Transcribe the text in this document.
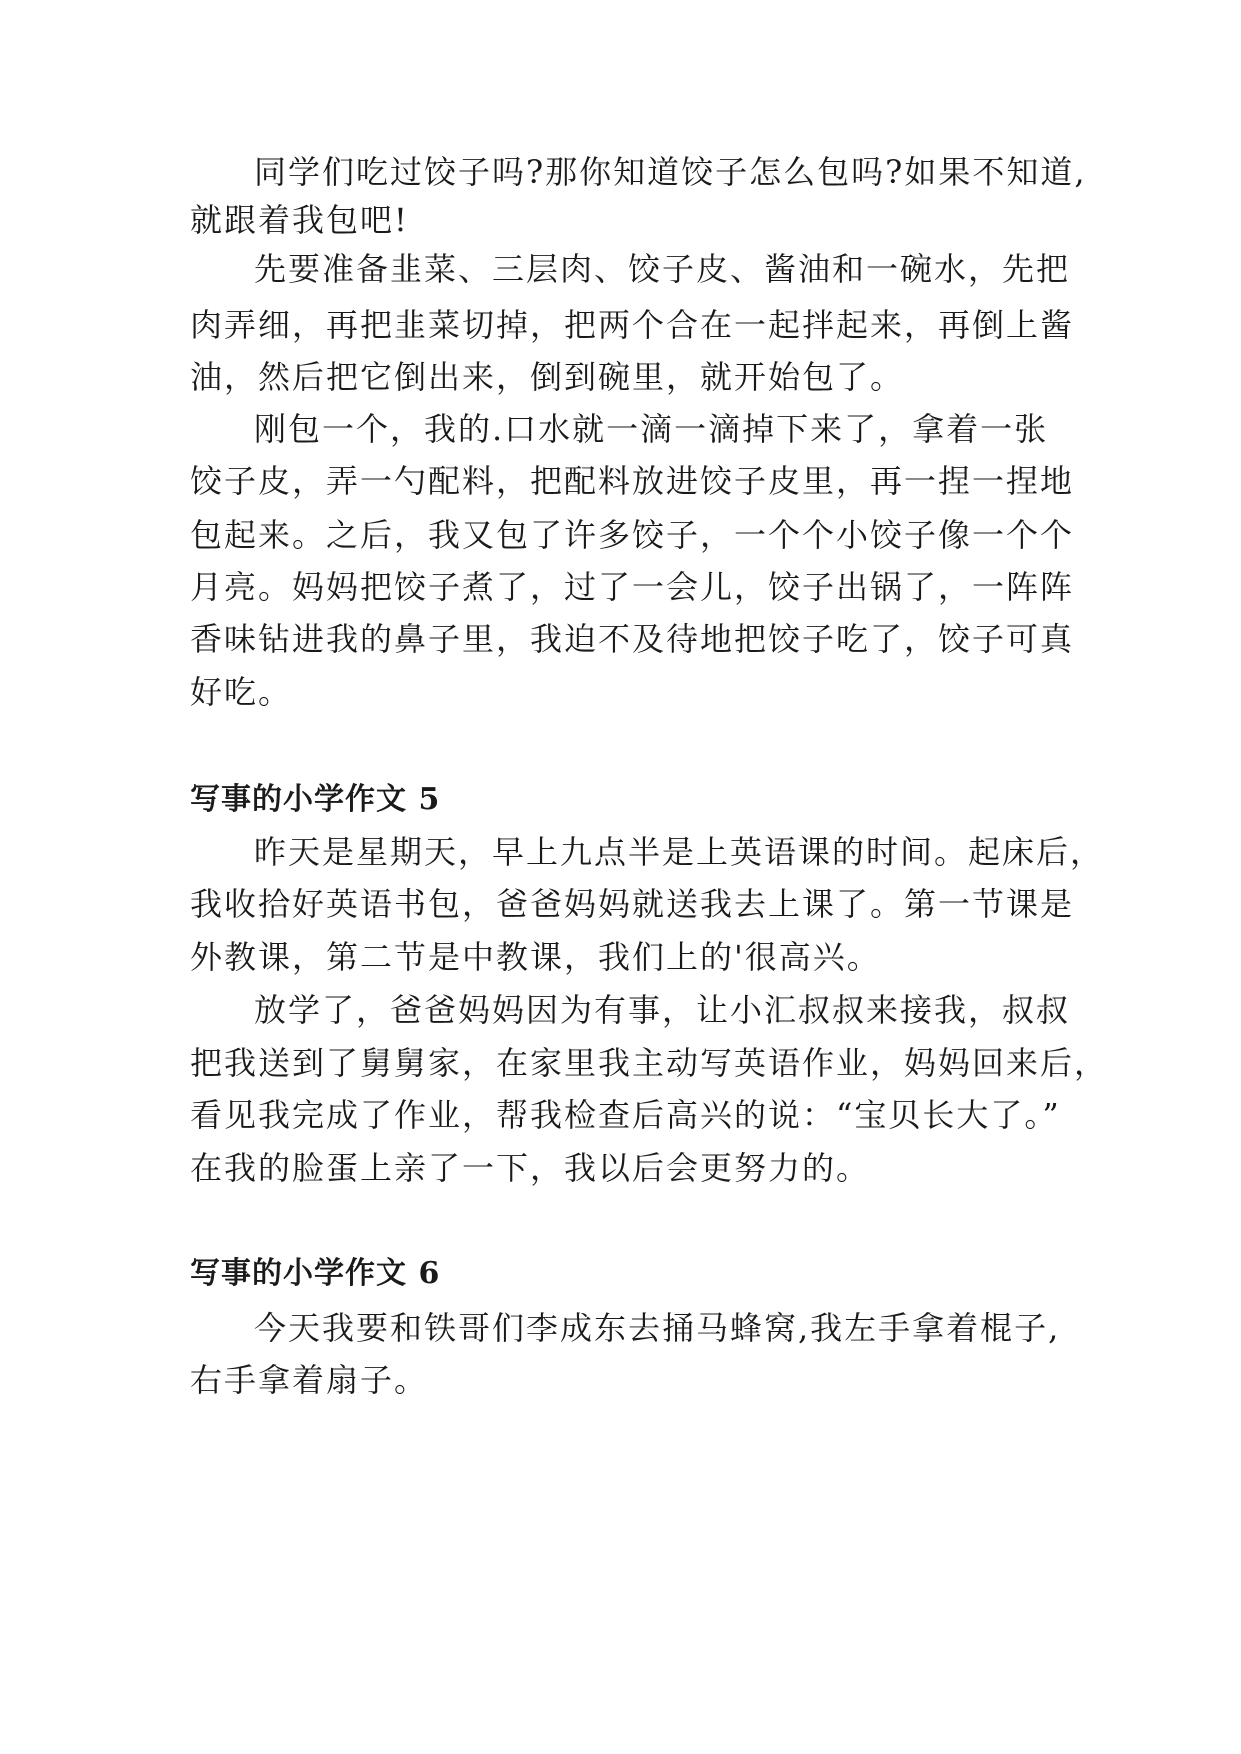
同学们吃过饺子吗?那你知道饺子怎么包吗?如果不知道,

就跟着我包吧!

先要准备韭菜、三层肉、饺子皮、酱油和一碗水，先把

肉弄细，再把韭菜切掉，把两个合在一起拌起来，再倒上酱

油，然后把它倒出来，倒到碗里，就开始包了。

刚包一个，我的.口水就一滴一滴掉下来了，拿着一张

饺子皮，弄一勺配料，把配料放进饺子皮里，再一捏一捏地

包起来。之后，我又包了许多饺子，一个个小饺子像一个个

月亮。妈妈把饺子煮了，过了一会儿，饺子出锅了，一阵阵

香味钻进我的鼻子里，我迫不及待地把饺子吃了，饺子可真

好吃。

写事的小学作文 5

昨天是星期天，早上九点半是上英语课的时间。起床后，

我收拾好英语书包，爸爸妈妈就送我去上课了。第一节课是

外教课，第二节是中教课，我们上的'很高兴。

放学了，爸爸妈妈因为有事，让小汇叔叔来接我，叔叔

把我送到了舅舅家，在家里我主动写英语作业，妈妈回来后，

看见我完成了作业，帮我检查后高兴的说：“宝贝长大了。”

在我的脸蛋上亲了一下，我以后会更努力的。

写事的小学作文 6

今天我要和铁哥们李成东去捅马蜂窝,我左手拿着棍子,

右手拿着扇子。
